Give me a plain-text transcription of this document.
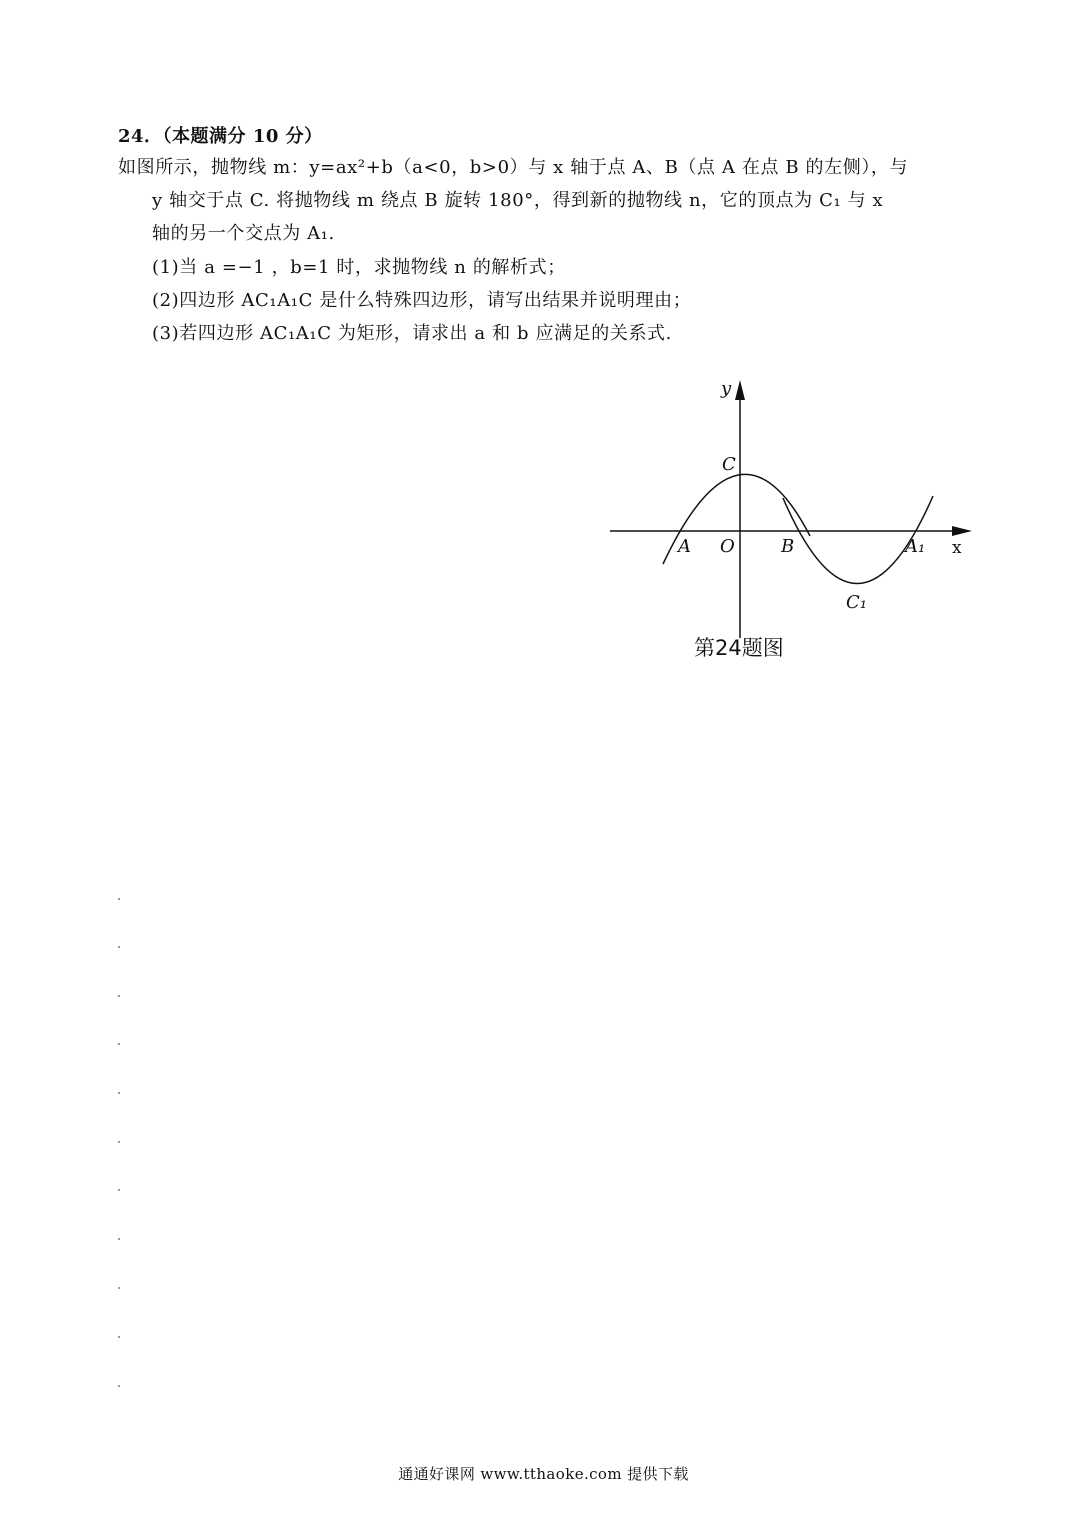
24．（本题满分 10 分）
如图所示，抛物线 m：y=ax²+b（a<0，b>0）与 x 轴于点 A、B（点 A 在点 B 的左侧），与
y 轴交于点 C. 将抛物线 m 绕点 B 旋转 180°，得到新的抛物线 n，它的顶点为 C₁ 与 x
轴的另一个交点为 A₁.
(1)当 a =−1 ，b=1 时，求抛物线 n 的解析式；
(2)四边形 AC₁A₁C 是什么特殊四边形，请写出结果并说明理由；
(3)若四边形 AC₁A₁C 为矩形，请求出 a 和 b 应满足的关系式.
y
C
A O	B	A₁ x
C₁
第24题图
通通好课网 www.tthaoke.com 提供下载
